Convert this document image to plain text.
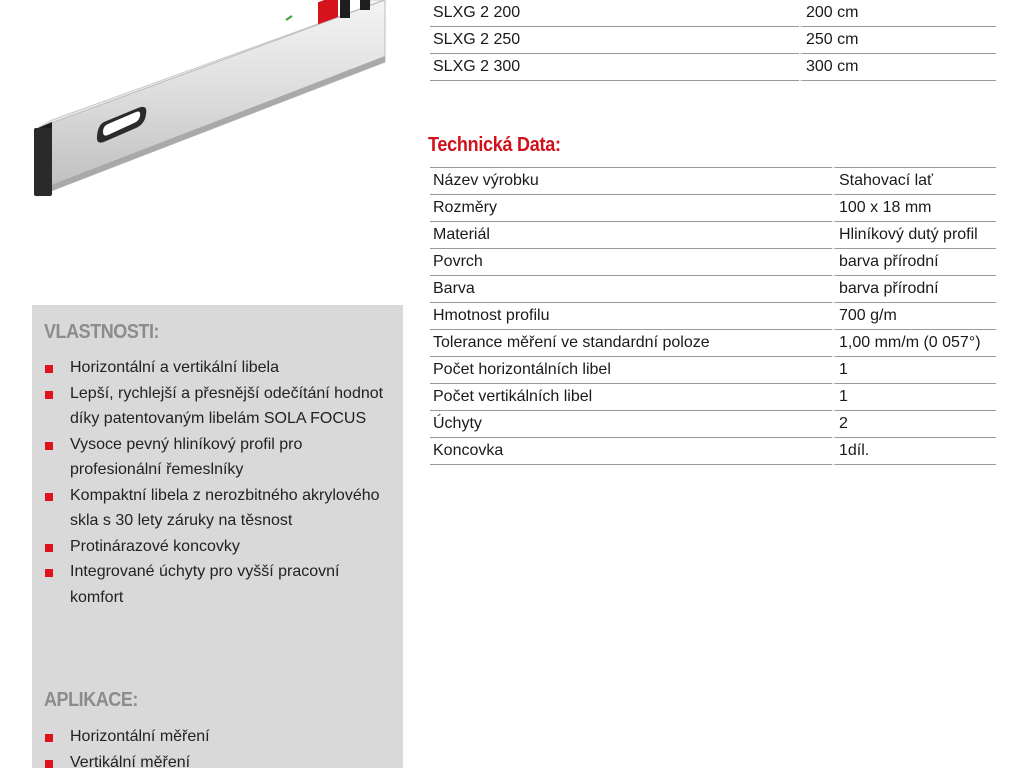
SLXG 2 200	200 cm
SLXG 2 250	250 cm
SLXG 2 300	300 cm
Technická Data:
Název výrobku	Stahovací lať
Rozměry	100 x 18 mm
Materiál	Hliníkový dutý profil
Povrch	barva přírodní
Barva	barva přírodní
Hmotnost profilu	700 g/m
Tolerance měření ve standardní poloze	1,00 mm/m (0 057°)
Počet horizontálních libel	1
Počet vertikálních libel	1
Úchyty	2
Koncovka	1díl.
VLASTNOSTI:
Horizontální a vertikální libela
Lepší, rychlejší a přesnější odečítání hodnot díky patentovaným libelám SOLA FOCUS
Vysoce pevný hliníkový profil pro profesionální řemeslníky
Kompaktní libela z nerozbitného akrylového skla s 30 lety záruky na těsnost
Protinárazové koncovky
Integrované úchyty pro vyšší pracovní komfort
APLIKACE:
Horizontální měření
Vertikální měření
